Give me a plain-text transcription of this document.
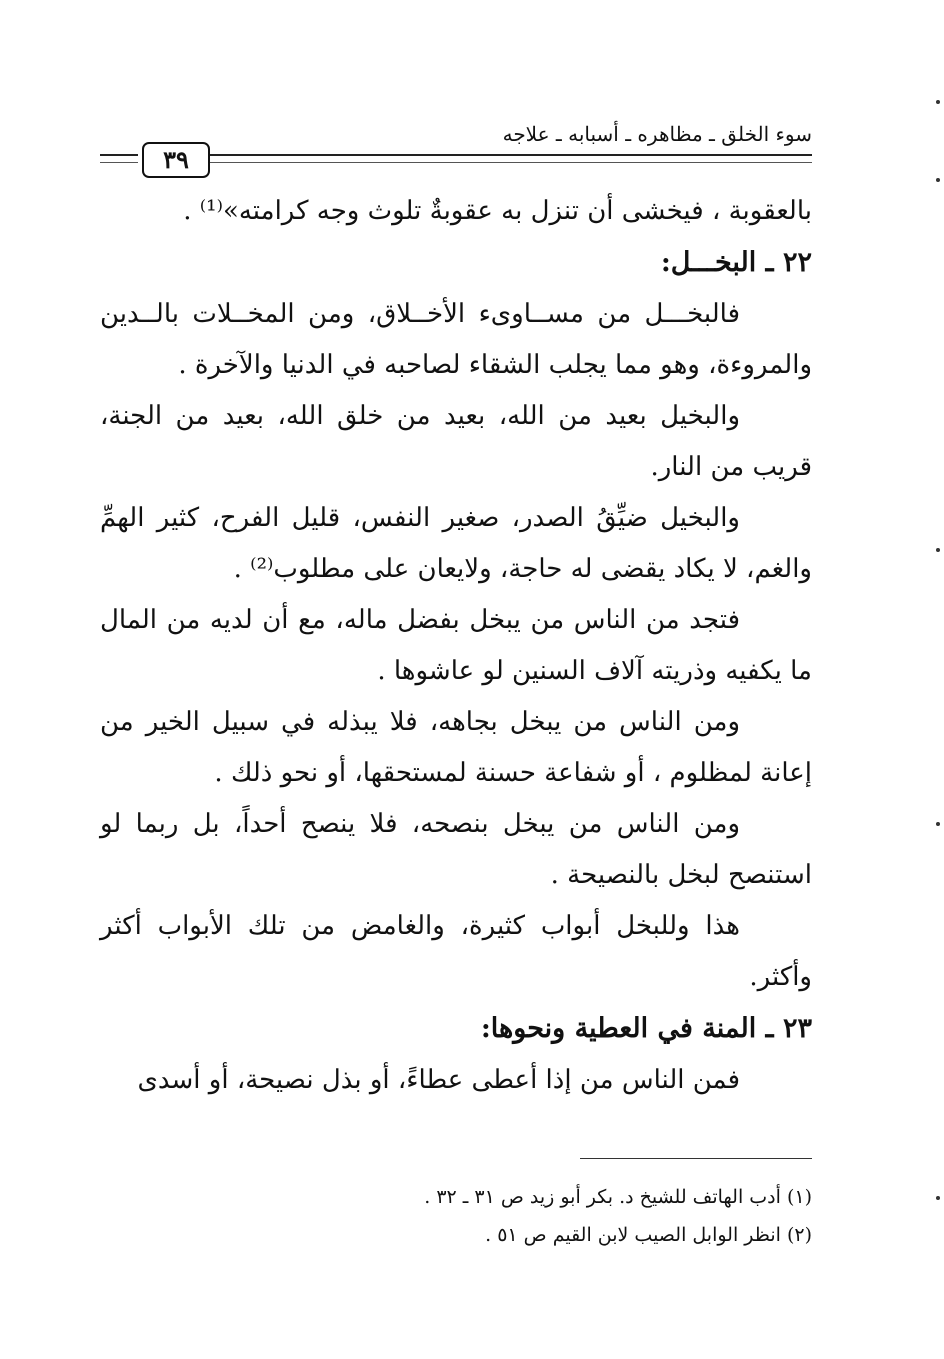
سوء الخلق ـ مظاهره ـ أسبابه ـ علاجه
٣٩

بالعقوبة ، فيخشى أن تنزل به عقوبةٌ تلوث وجه كرامته»⁽¹⁾ .

٢٢ ـ البخـــل:

فالبخـــل من مســاوىء الأخــلاق، ومن المخــلات بالــدين والمروءة، وهو مما يجلب الشقاء لصاحبه في الدنيا والآخرة .

والبخيل بعيد من الله، بعيد من خلق الله، بعيد من الجنة، قريب من النار.

والبخيل ضيِّقُ الصدر، صغير النفس، قليل الفرح، كثير الهمِّ والغم، لا يكاد يقضى له حاجة، ولايعان على مطلوب⁽²⁾ .

فتجد من الناس من يبخل بفضل ماله، مع أن لديه من المال ما يكفيه وذريته آلاف السنين لو عاشوها .

ومن الناس من يبخل بجاهه، فلا يبذله في سبيل الخير من إعانة لمظلوم ، أو شفاعة حسنة لمستحقها، أو نحو ذلك .

ومن الناس من يبخل بنصحه، فلا ينصح أحداً، بل ربما لو استنصح لبخل بالنصيحة .

هذا وللبخل أبواب كثيرة، والغامض من تلك الأبواب أكثر وأكثر.

٢٣ ـ المنة في العطية ونحوها:

فمن الناس من إذا أعطى عطاءً، أو بذل نصيحة، أو أسدى

(١) أدب الهاتف للشيخ د. بكر أبو زيد ص ٣١ ـ ٣٢ .

(٢) انظر الوابل الصيب لابن القيم ص ٥١ .
